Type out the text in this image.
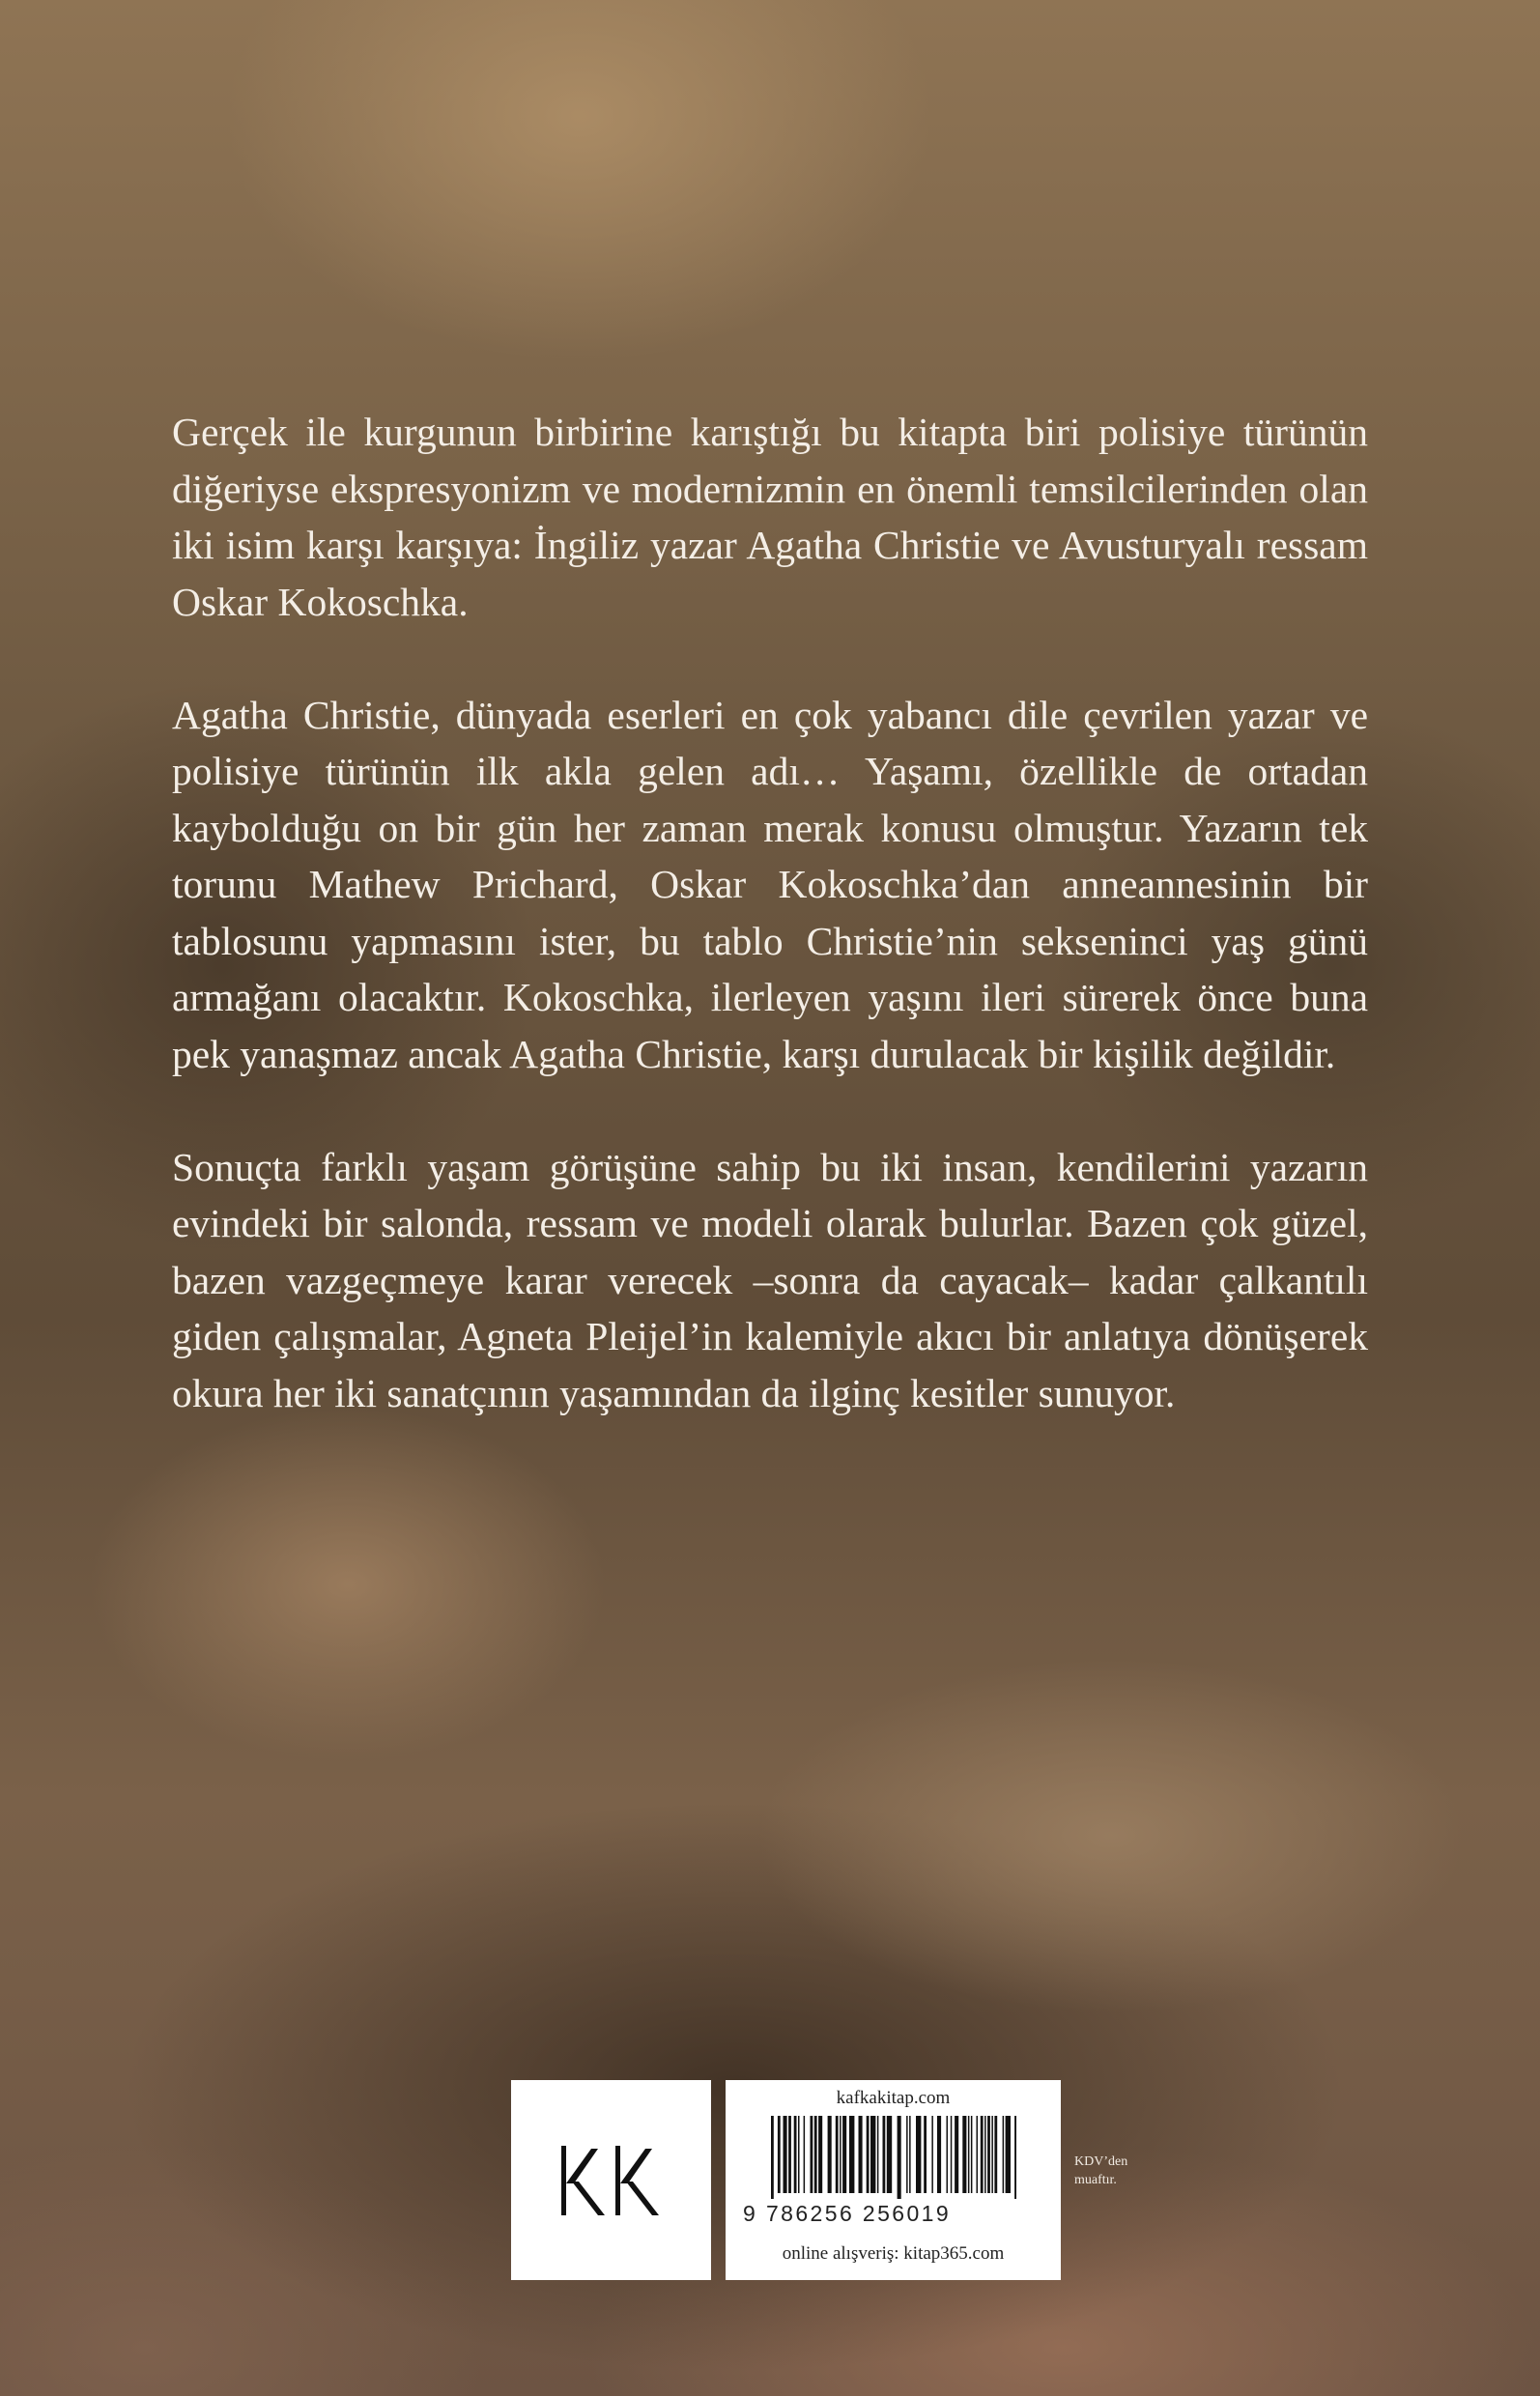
Gerçek ile kurgunun birbirine karıştığı bu kitapta biri polisiye türünün diğeriyse ekspresyonizm ve modernizmin en önemli temsilcilerinden olan iki isim karşı karşıya: İngiliz yazar Agatha Christie ve Avusturyalı ressam Oskar Kokoschka.

Agatha Christie, dünyada eserleri en çok yabancı dile çevrilen yazar ve polisiye türünün ilk akla gelen adı… Yaşamı, özellikle de ortadan kaybolduğu on bir gün her zaman merak konusu olmuştur. Yazarın tek torunu Mathew Prichard, Oskar Kokoschka’dan anneannesinin bir tablosunu yapmasını ister, bu tablo Christie’nin sekseninci yaş günü armağanı olacaktır. Kokoschka, ilerleyen yaşını ileri sürerek önce buna pek yanaşmaz ancak Agatha Christie, karşı durulacak bir kişilik değildir.

Sonuçta farklı yaşam görüşüne sahip bu iki insan, kendilerini yazarın evindeki bir salonda, ressam ve modeli olarak bulurlar. Bazen çok güzel, bazen vazgeçmeye karar verecek –sonra da cayacak– kadar çalkantılı giden çalışmalar, Agneta Pleijel’in kalemiyle akıcı bir anlatıya dönüşerek okura her iki sanatçının yaşamından da ilginç kesitler sunuyor.

kafkakitap.com
9 786256 256019
online alışveriş: kitap365.com
KDV’den
muaftır.
